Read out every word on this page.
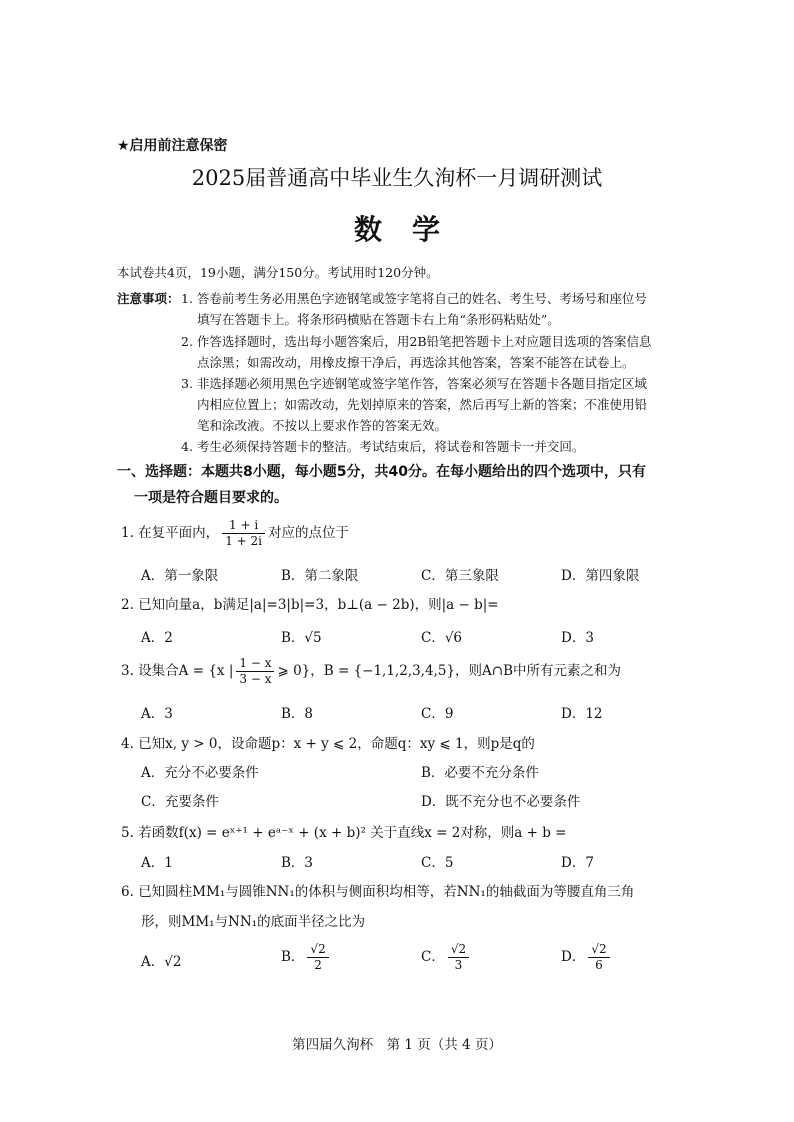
★启用前注意保密
2025届普通高中毕业生久洵杯一月调研测试
数学
本试卷共4页，19小题，满分150分。考试用时120分钟。
注意事项： 1. 答卷前考生务必用黑色字迹钢笔或签字笔将自己的姓名、考生号、考场号和座位号
填写在答题卡上。将条形码横贴在答题卡右上角“条形码粘贴处”。
2. 作答选择题时，选出每小题答案后，用2B铅笔把答题卡上对应题目选项的答案信息
点涂黑；如需改动，用橡皮擦干净后，再选涂其他答案，答案不能答在试卷上。
3. 非选择题必须用黑色字迹钢笔或签字笔作答，答案必须写在答题卡各题目指定区域
内相应位置上；如需改动，先划掉原来的答案，然后再写上新的答案；不准使用铅
笔和涂改液。不按以上要求作答的答案无效。
4. 考生必须保持答题卡的整洁。考试结束后，将试卷和答题卡一并交回。
一、选择题：本题共8小题，每小题5分，共40分。在每小题给出的四个选项中，只有
一项是符合题目要求的。
1. 在复平面内， $\frac{1 + i}{1 + 2i}$ 对应的点位于
A．第一象限	B．第二象限	C．第三象限	D．第四象限
2. 已知向量a，b满足|a|=3|b|=3，b⊥(a − 2b)，则|a − b|=
A．2	B．√5	C．√6	D．3
3. 设集合A = {x | $\frac{1 - x}{3 - x}$ ⩾ 0}，B = {−1,1,2,3,4,5}，则A∩B中所有元素之和为
A．3	B．8	C．9	D．12
4. 已知x, y > 0，设命题p：x + y ⩽ 2，命题q：xy ⩽ 1，则p是q的
A．充分不必要条件	B．必要不充分条件
C．充要条件	D．既不充分也不必要条件
5. 若函数f(x) = eˣ⁺¹ + eᵃ⁻ˣ + (x + b)² 关于直线x = 2对称，则a + b =
A．1	B．3	C．5	D．7
6. 已知圆柱MM₁与圆锥NN₁的体积与侧面积均相等，若NN₁的轴截面为等腰直角三角
形，则MM₁与NN₁的底面半径之比为
A．√2	B． $\frac{√2}{2}$	C． $\frac{√2}{3}$	D． $\frac{√2}{6}$
第四届久洵杯　第 1 页（共 4 页）
